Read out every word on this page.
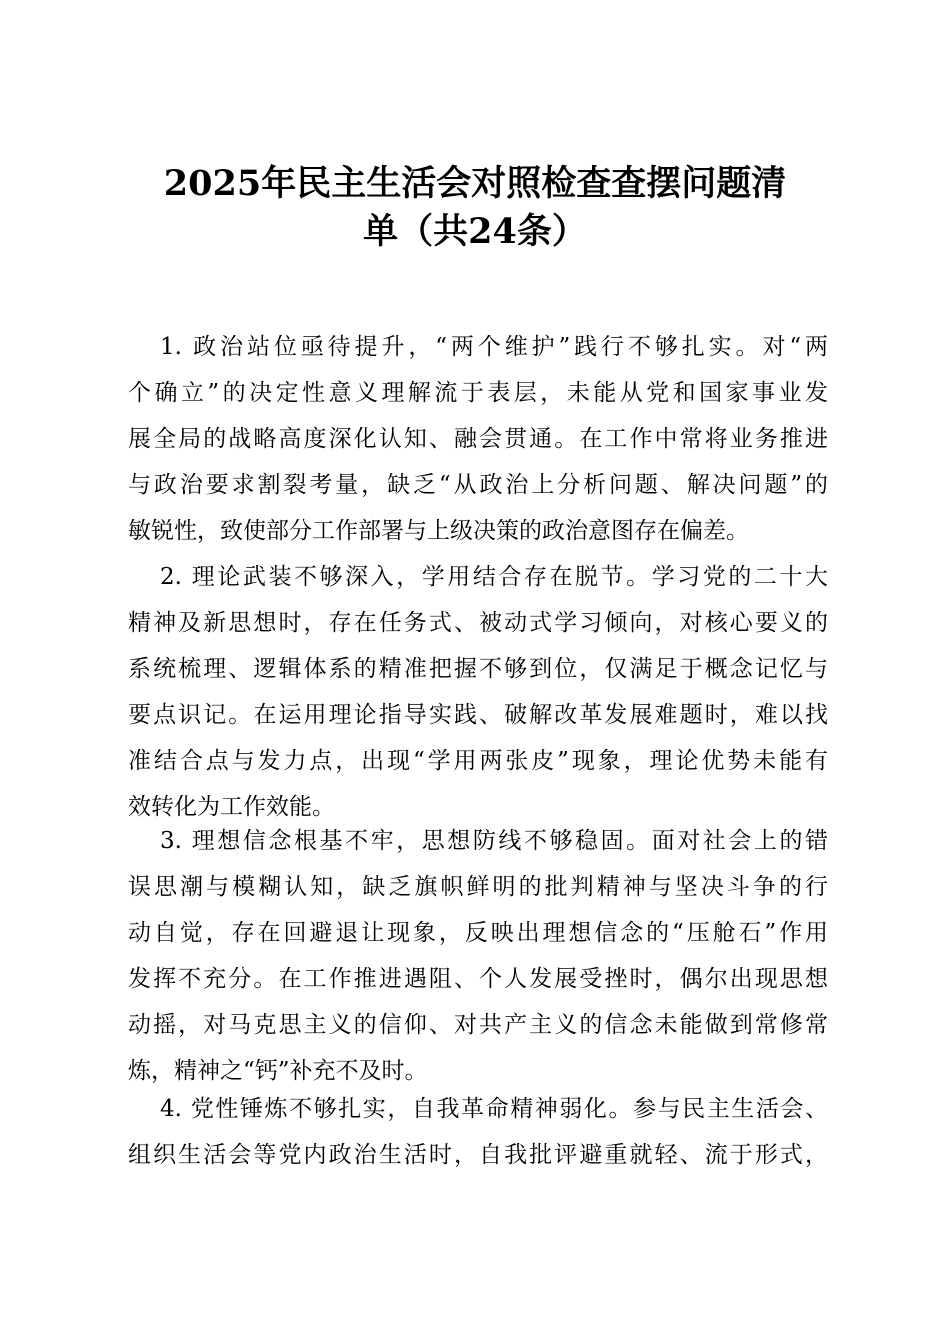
2025年民主生活会对照检查查摆问题清
单（共24条）
1. 政治站位亟待提升，“两个维护”践行不够扎实。对“两
个确立”的决定性意义理解流于表层，未能从党和国家事业发
展全局的战略高度深化认知、融会贯通。在工作中常将业务推进
与政治要求割裂考量，缺乏“从政治上分析问题、解决问题”的
敏锐性，致使部分工作部署与上级决策的政治意图存在偏差。
2. 理论武装不够深入，学用结合存在脱节。学习党的二十大
精神及新思想时，存在任务式、被动式学习倾向，对核心要义的
系统梳理、逻辑体系的精准把握不够到位，仅满足于概念记忆与
要点识记。在运用理论指导实践、破解改革发展难题时，难以找
准结合点与发力点，出现“学用两张皮”现象，理论优势未能有
效转化为工作效能。
3. 理想信念根基不牢，思想防线不够稳固。面对社会上的错
误思潮与模糊认知，缺乏旗帜鲜明的批判精神与坚决斗争的行
动自觉，存在回避退让现象，反映出理想信念的“压舱石”作用
发挥不充分。在工作推进遇阻、个人发展受挫时，偶尔出现思想
动摇，对马克思主义的信仰、对共产主义的信念未能做到常修常
炼，精神之“钙”补充不及时。
4. 党性锤炼不够扎实，自我革命精神弱化。参与民主生活会、
组织生活会等党内政治生活时，自我批评避重就轻、流于形式，
